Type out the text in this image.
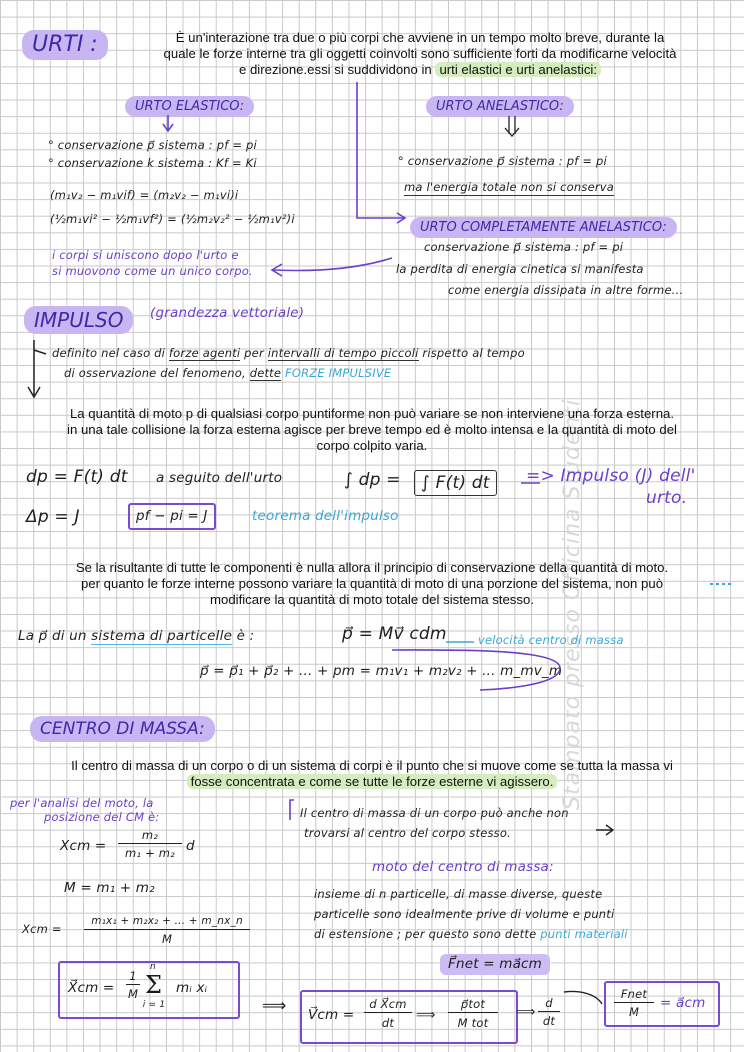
Stampato presso Officina Studenti
URTI :	È un'interazione tra due o più corpi che avviene in un tempo molto breve, durante la
quale le forze interne tra gli oggetti coinvolti sono sufficiente forti da modificarne velocità
e direzione.essi si suddividono in urti elastici e urti anelastici:
URTO ELASTICO:
° conservazione p⃗ sistema : pf = pi
° conservazione k sistema : Kf = Ki
(m₁v₂ − m₁vif) = (m₂v₂ − m₁vi)i
(½m₁vi² − ½m₁vf²) = (½m₂v₂² − ½m₁v²)i
i corpi si uniscono dopo l'urto e
si muovono come un unico corpo.
URTO ANELASTICO:
° conservazione p⃗ sistema : pf = pi
ma l'energia totale non si conserva
URTO COMPLETAMENTE ANELASTICO:
conservazione p⃗ sistema : pf = pi
la perdita di energia cinetica si manifesta
come energia dissipata in altre forme...
IMPULSO	(grandezza vettoriale)
definito nel caso di forze agenti per intervalli di tempo piccoli rispetto al tempo
di osservazione del fenomeno, dette FORZE IMPULSIVE
La quantità di moto p di qualsiasi corpo puntiforme non può variare se non interviene una forza esterna.
in una tale collisione la forza esterna agisce per breve tempo ed è molto intensa e la quantità di moto del
corpo colpito varia.
dp = F(t) dt a seguito dell'urto	∫ dp =	∫ F(t) dt	=> Impulso (J) dell'
urto.
Δp = J	pf − pi = J	teorema dell'impulso
Se la risultante di tutte le componenti è nulla allora il principio di conservazione della quantità di moto.
per quanto le forze interne possono variare la quantità di moto di una porzione del sistema, non può
modificare la quantità di moto totale del sistema stesso.
La p⃗ di un sistema di particelle è :	p⃗ = Mv⃗ cdm	velocità centro di massa
p⃗ = p⃗₁ + p⃗₂ + ... + pm = m₁v₁ + m₂v₂ + ... m_mv_m
CENTRO DI MASSA:
Il centro di massa di un corpo o di un sistema di corpi è il punto che si muove come se tutta la massa vi
fosse concentrata e come se tutte le forze esterne vi agissero.
per l'analisi del moto, la
posizione del CM è:
Xcm =
m₂
m₁ + m₂ d
M = m₁ + m₂
Xcm =
m₁x₁ + m₂x₂ + ... + m_nx_n
M
X⃗cm =
1
M
n
Σ
i = 1
mᵢ xᵢ
Il centro di massa di un corpo può anche non
trovarsi al centro del corpo stesso.
moto del centro di massa:
insieme di n particelle, di masse diverse, queste
particelle sono idealmente prive di volume e punti
di estensione ; per questo sono dette punti materiali
F⃗net = ma⃗cm
⟹ V⃗cm =
d X⃗cm
dt	⟹
p⃗tot
M tot
⟹
d
dt
Fnet
M
= a⃗cm
